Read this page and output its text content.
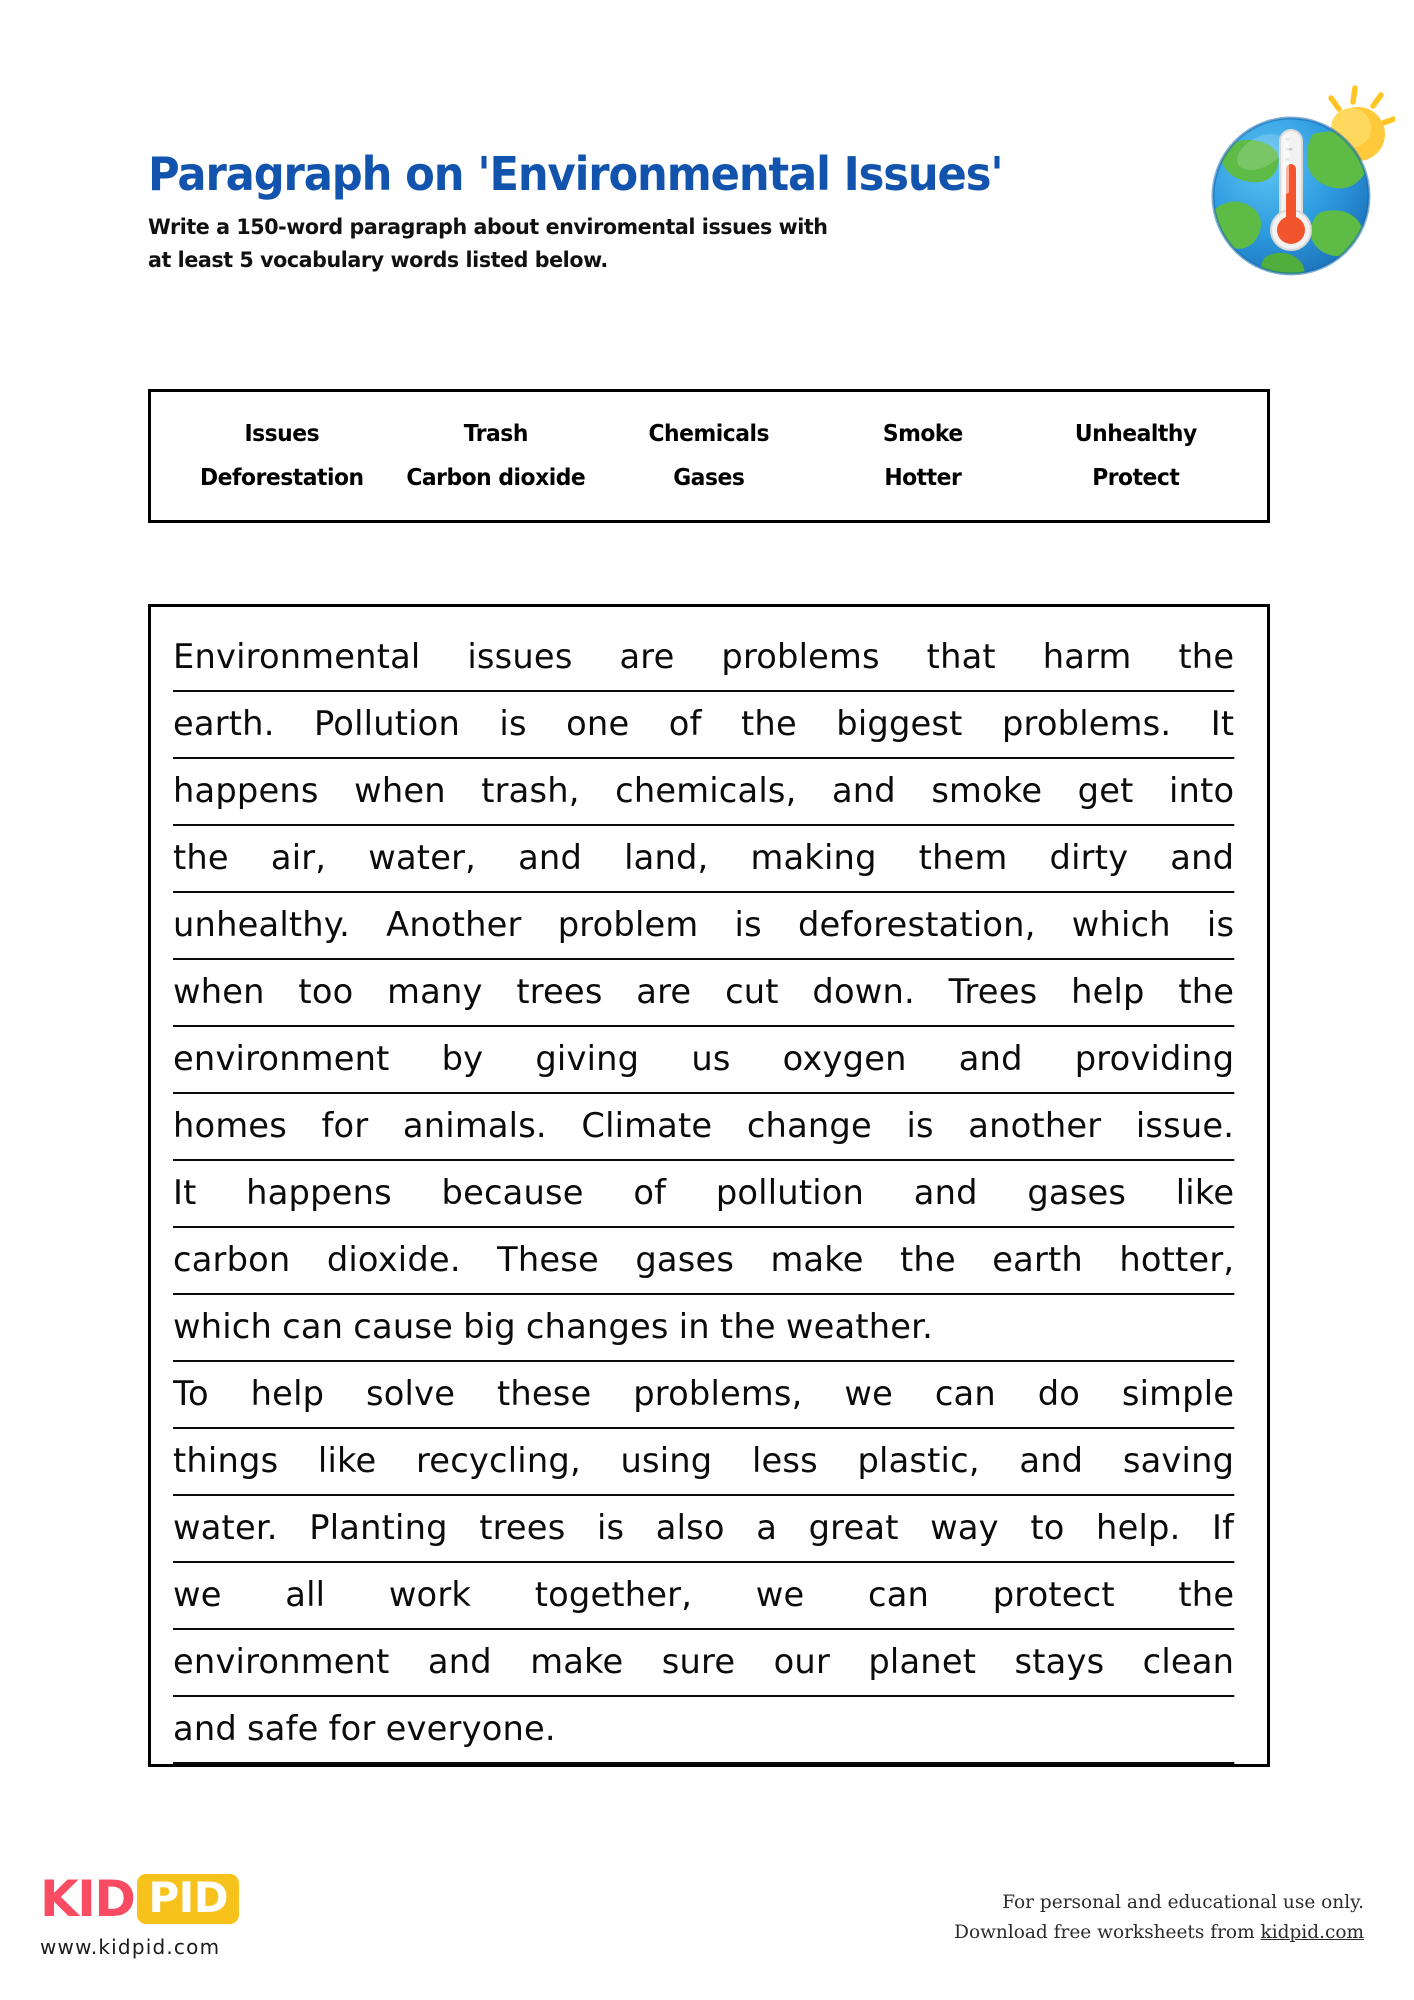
Paragraph on 'Environmental Issues'

Write a 150-word paragraph about enviromental issues with
at least 5 vocabulary words listed below.

Issues	Trash	Chemicals	Smoke	Unhealthy
Deforestation	Carbon dioxide	Gases	Hotter	Protect
Environmental issues are problems that harm the
earth. Pollution is one of the biggest problems. It
happens when trash, chemicals, and smoke get into
the air, water, and land, making them dirty and
unhealthy. Another problem is deforestation, which is
when too many trees are cut down. Trees help the
environment by giving us oxygen and providing
homes for animals. Climate change is another issue.
It happens because of pollution and gases like
carbon dioxide. These gases make the earth hotter,
which can cause big changes in the weather.
To help solve these problems, we can do simple
things like recycling, using less plastic, and saving
water. Planting trees is also a great way to help. If
we all work together, we can protect the
environment and make sure our planet stays clean
and safe for everyone.
KID PID
www.kidpid.com
For personal and educational use only.
Download free worksheets from kidpid.com
